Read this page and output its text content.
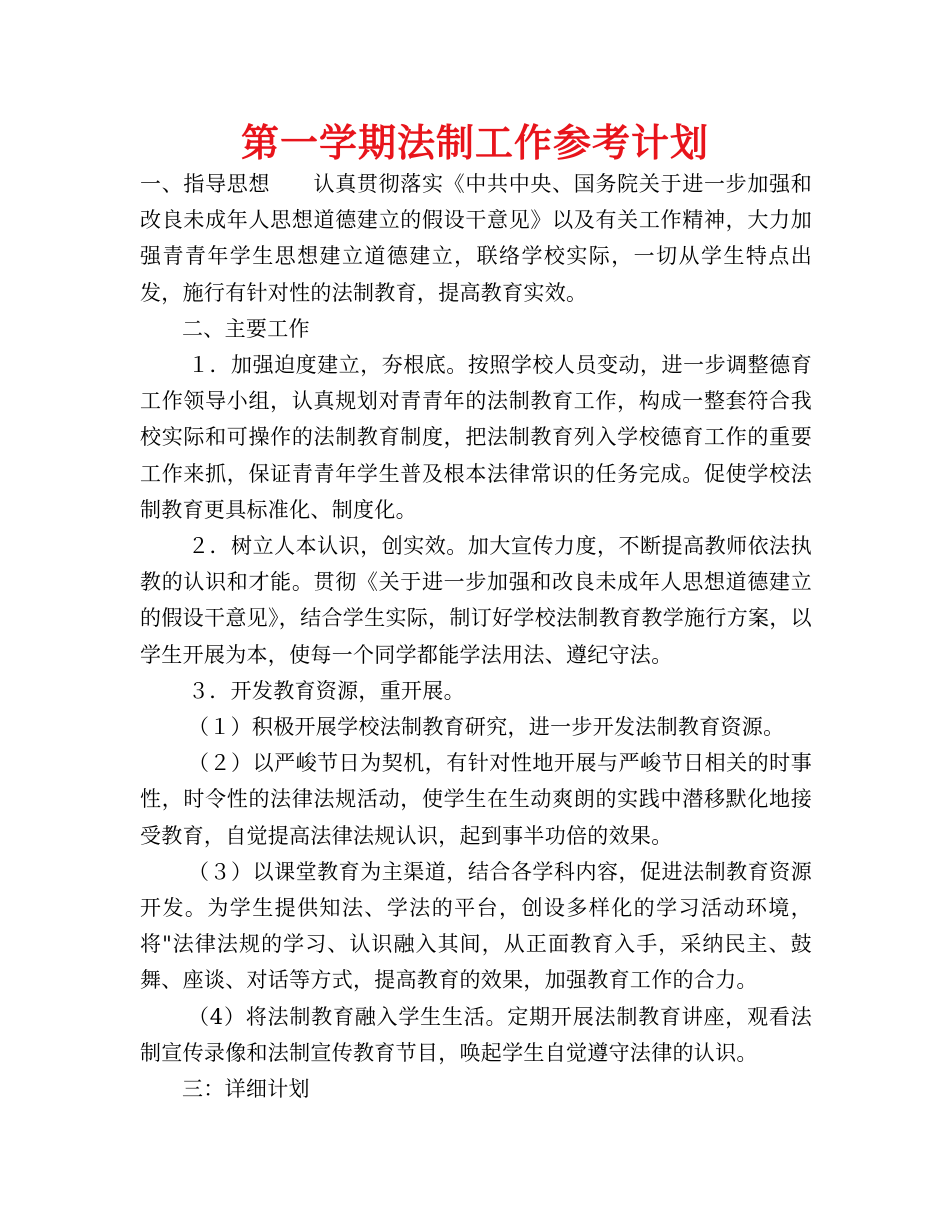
第一学期法制工作参考计划

一、指导思想　　认真贯彻落实《中共中央、国务院关于进一步加强和改良未成年人思想道德建立的假设干意见》以及有关工作精神，大力加强青青年学生思想建立道德建立，联络学校实际，一切从学生特点出发，施行有针对性的法制教育，提高教育实效。

二、主要工作

１．加强迫度建立，夯根底。按照学校人员变动，进一步调整德育工作领导小组，认真规划对青青年的法制教育工作，构成一整套符合我校实际和可操作的法制教育制度，把法制教育列入学校德育工作的重要工作来抓，保证青青年学生普及根本法律常识的任务完成。促使学校法制教育更具标准化、制度化。

２．树立人本认识，创实效。加大宣传力度，不断提高教师依法执教的认识和才能。贯彻《关于进一步加强和改良未成年人思想道德建立的假设干意见》，结合学生实际，制订好学校法制教育教学施行方案，以学生开展为本，使每一个同学都能学法用法、遵纪守法。

３．开发教育资源，重开展。

（１）积极开展学校法制教育研究，进一步开发法制教育资源。

（２）以严峻节日为契机，有针对性地开展与严峻节日相关的时事性，时令性的法律法规活动，使学生在生动爽朗的实践中潜移默化地接受教育，自觉提高法律法规认识，起到事半功倍的效果。

（３）以课堂教育为主渠道，结合各学科内容，促进法制教育资源开发。为学生提供知法、学法的平台，创设多样化的学习活动环境，将"法律法规的学习、认识融入其间，从正面教育入手，采纳民主、鼓舞、座谈、对话等方式，提高教育的效果，加强教育工作的合力。

（4）将法制教育融入学生生活。定期开展法制教育讲座，观看法制宣传录像和法制宣传教育节目，唤起学生自觉遵守法律的认识。

三：详细计划
